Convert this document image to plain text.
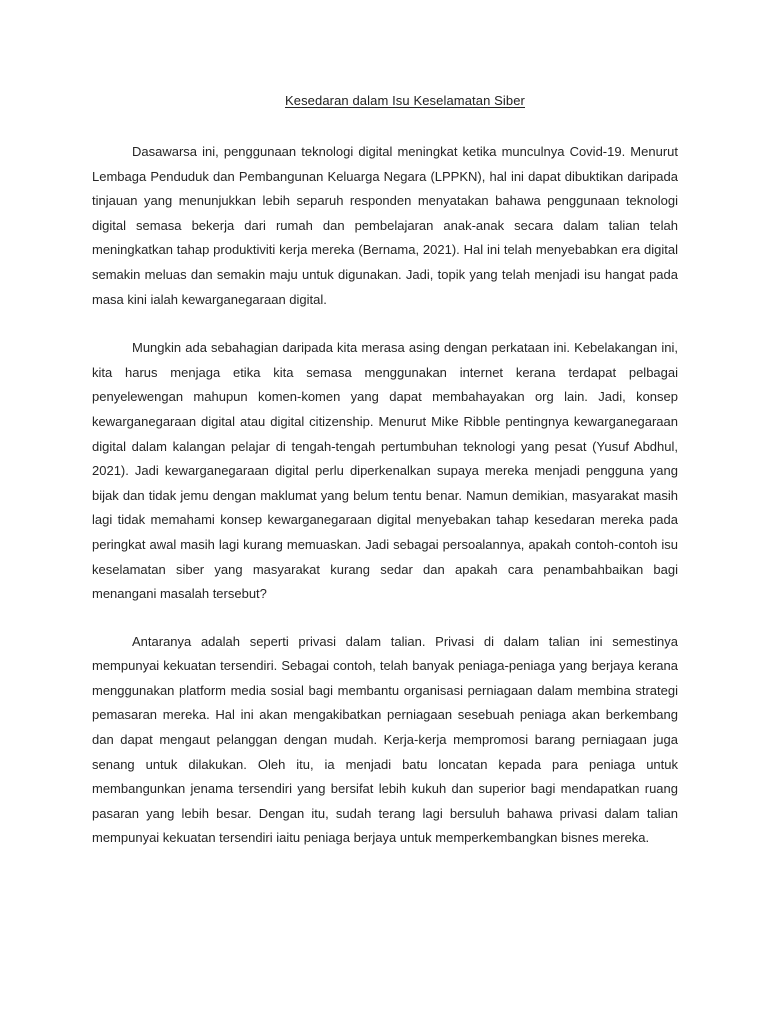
Kesedaran dalam Isu Keselamatan Siber

Dasawarsa ini, penggunaan teknologi digital meningkat ketika munculnya Covid-19. Menurut Lembaga Penduduk dan Pembangunan Keluarga Negara (LPPKN), hal ini dapat dibuktikan daripada tinjauan yang menunjukkan lebih separuh responden menyatakan bahawa penggunaan teknologi digital semasa bekerja dari rumah dan pembelajaran anak-anak secara dalam talian telah meningkatkan tahap produktiviti kerja mereka (Bernama, 2021). Hal ini telah menyebabkan era digital semakin meluas dan semakin maju untuk digunakan. Jadi, topik yang telah menjadi isu hangat pada masa kini ialah kewarganegaraan digital.

Mungkin ada sebahagian daripada kita merasa asing dengan perkataan ini. Kebelakangan ini, kita harus menjaga etika kita semasa menggunakan internet kerana terdapat pelbagai penyelewengan mahupun komen-komen yang dapat membahayakan org lain. Jadi, konsep kewarganegaraan digital atau digital citizenship. Menurut Mike Ribble pentingnya kewarganegaraan digital dalam kalangan pelajar di tengah-tengah pertumbuhan teknologi yang pesat (Yusuf Abdhul, 2021). Jadi kewarganegaraan digital perlu diperkenalkan supaya mereka menjadi pengguna yang bijak dan tidak jemu dengan maklumat yang belum tentu benar. Namun demikian, masyarakat masih lagi tidak memahami konsep kewarganegaraan digital menyebakan tahap kesedaran mereka pada peringkat awal masih lagi kurang memuaskan. Jadi sebagai persoalannya, apakah contoh-contoh isu keselamatan siber yang masyarakat kurang sedar dan apakah cara penambahbaikan bagi menangani masalah tersebut?

Antaranya adalah seperti privasi dalam talian. Privasi di dalam talian ini semestinya mempunyai kekuatan tersendiri. Sebagai contoh, telah banyak peniaga-peniaga yang berjaya kerana menggunakan platform media sosial bagi membantu organisasi perniagaan dalam membina strategi pemasaran mereka. Hal ini akan mengakibatkan perniagaan sesebuah peniaga akan berkembang dan dapat mengaut pelanggan dengan mudah. Kerja-kerja mempromosi barang perniagaan juga senang untuk dilakukan. Oleh itu, ia menjadi batu loncatan kepada para peniaga untuk membangunkan jenama tersendiri yang bersifat lebih kukuh dan superior bagi mendapatkan ruang pasaran yang lebih besar. Dengan itu, sudah terang lagi bersuluh bahawa privasi dalam talian mempunyai kekuatan tersendiri iaitu peniaga berjaya untuk memperkembangkan bisnes mereka.
